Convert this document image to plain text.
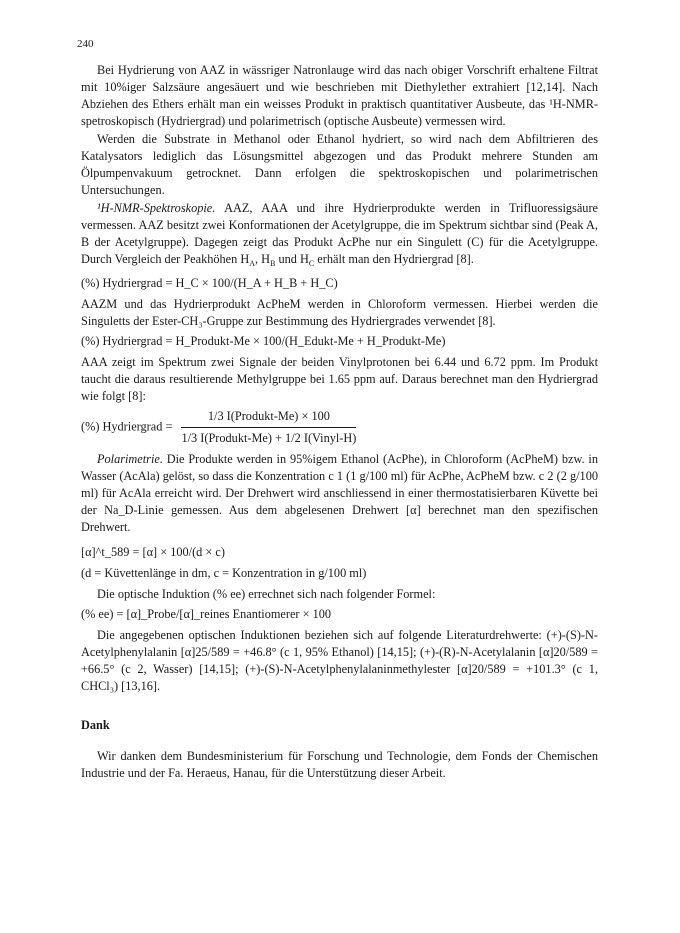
240

Bei Hydrierung von AAZ in wässriger Natronlauge wird das nach obiger Vorschrift erhaltene Filtrat mit 10%iger Salzsäure angesäuert und wie beschrieben mit Diethylether extrahiert [12,14]. Nach Abziehen des Ethers erhält man ein weisses Produkt in praktisch quantitativer Ausbeute, das ¹H-NMR-spetroskopisch (Hydriergrad) und polarimetrisch (optische Ausbeute) vermessen wird.

Werden die Substrate in Methanol oder Ethanol hydriert, so wird nach dem Abfiltrieren des Katalysators lediglich das Lösungsmittel abgezogen und das Produkt mehrere Stunden am Ölpumpenvakuum getrocknet. Dann erfolgen die spektroskopischen und polarimetrischen Untersuchungen.

¹H-NMR-Spektroskopie. AAZ, AAA und ihre Hydrierprodukte werden in Trifluoressigsäure vermessen. AAZ besitzt zwei Konformationen der Acetylgruppe, die im Spektrum sichtbar sind (Peak A, B der Acetylgruppe). Dagegen zeigt das Produkt AcPhe nur ein Singulett (C) für die Acetylgruppe. Durch Vergleich der Peakhöhen $H_A$, $H_B$ und $H_C$ erhält man den Hydriergrad [8].

(%) Hydriergrad = H_C × 100/(H_A + H_B + H_C)

AAZM und das Hydrierprodukt AcPheM werden in Chloroform vermessen. Hierbei werden die Singuletts der Ester-CH₃-Gruppe zur Bestimmung des Hydriergrades verwendet [8].

(%) Hydriergrad = H_Produkt-Me × 100/(H_Edukt-Me + H_Produkt-Me)

AAA zeigt im Spektrum zwei Signale der beiden Vinylprotonen bei 6.44 und 6.72 ppm. Im Produkt taucht die daraus resultierende Methylgruppe bei 1.65 ppm auf. Daraus berechnet man den Hydriergrad wie folgt [8]:

(%) Hydriergrad = $\frac{\text{1/3 I(Produkt-Me) × 100}}{\text{1/3 I(Produkt-Me) + 1/2 I(Vinyl-H)}}$

Polarimetrie. Die Produkte werden in 95%igem Ethanol (AcPhe), in Chloroform (AcPheM) bzw. in Wasser (AcAla) gelöst, so dass die Konzentration c 1 (1 g/100 ml) für AcPhe, AcPheM bzw. c 2 (2 g/100 ml) für AcAla erreicht wird. Der Drehwert wird anschliessend in einer thermostatisierbaren Küvette bei der Na_D-Linie gemessen. Aus dem abgelesenen Drehwert [α] berechnet man den spezifischen Drehwert.

[α]^t_589 = [α] × 100/(d × c)
(d = Küvettenlänge in dm, c = Konzentration in g/100 ml)

Die optische Induktion (% ee) errechnet sich nach folgender Formel:

(% ee) = [α]_Probe/[α]_reines Enantiomerer × 100

Die angegebenen optischen Induktionen beziehen sich auf folgende Literaturdrehwerte: (+)-(S)-N-Acetylphenylalanin [α]25/589 = +46.8° (c 1, 95% Ethanol) [14,15]; (+)-(R)-N-Acetylalanin [α]20/589 = +66.5° (c 2, Wasser) [14,15]; (+)-(S)-N-Acetylphenylalaninmethylester [α]20/589 = +101.3° (c 1, CHCl₃) [13,16].

Dank

Wir danken dem Bundesministerium für Forschung und Technologie, dem Fonds der Chemischen Industrie und der Fa. Heraeus, Hanau, für die Unterstützung dieser Arbeit.
